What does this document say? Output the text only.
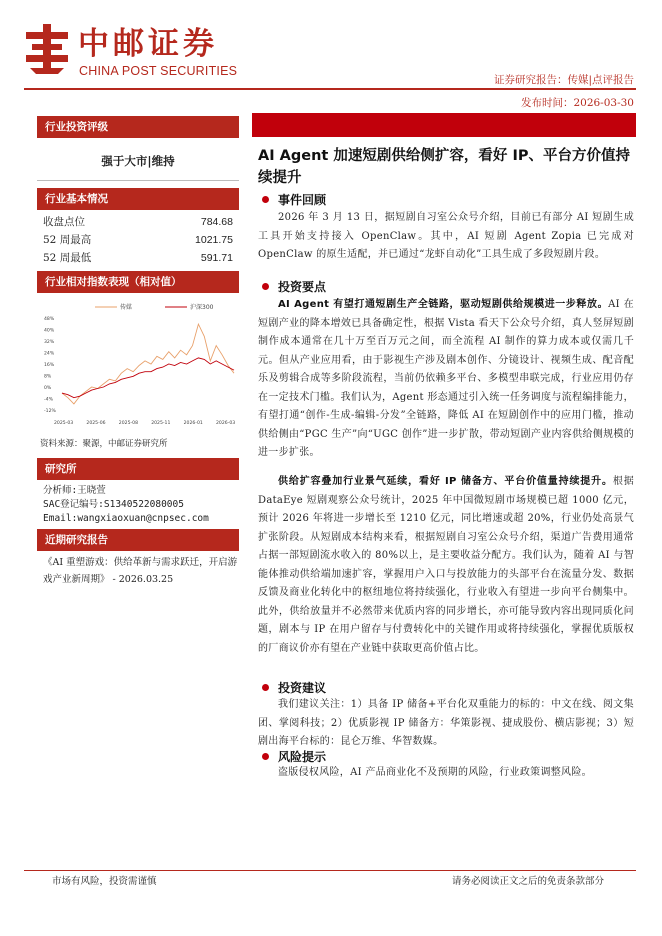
中邮证券
CHINA POST SECURITIES
证券研究报告：传媒|点评报告
发布时间：2026-03-30
行业投资评级
强于大市|维持
行业基本情况
收盘点位	784.68
52 周最高	1021.75
52 周最低	591.71
行业相对指数表现（相对值）
传媒	沪深300
48%
40%
32%
24%
16%
8%
0%
-4%
-12%
2025-03	2025-06	2025-08	2025-11	2026-01	2026-03
资料来源：聚源，中邮证券研究所
研究所
分析师:王晓萱
SAC登记编号:S1340522080005
Email:wangxiaoxuan@cnpsec.com
近期研究报告
《AI 重塑游戏：供给革新与需求跃迁，开启游戏产业新周期》 - 2026.03.25
AI Agent 加速短剧供给侧扩容，看好 IP、平台方价值持续提升
事件回顾
2026 年 3 月 13 日，据短剧自习室公众号介绍，目前已有部分 AI 短剧生成工具开始支持接入 OpenClaw。其中，AI 短剧 Agent Zopia 已完成对 OpenClaw 的原生适配，并已通过“龙虾自动化”工具生成了多段短剧片段。
投资要点
AI Agent 有望打通短剧生产全链路，驱动短剧供给规模进一步释放。AI 在短剧产业的降本增效已具备确定性，根据 Vista 看天下公众号介绍，真人竖屏短剧制作成本通常在几十万至百万元之间，而全流程 AI 制作的算力成本或仅需几千元。但从产业应用看，由于影视生产涉及剧本创作、分镜设计、视频生成、配音配乐及剪辑合成等多阶段流程，当前仍依赖多平台、多模型串联完成，行业应用仍存在一定技术门槛。我们认为，Agent 形态通过引入统一任务调度与流程编排能力，有望打通“创作-生成-编辑-分发”全链路，降低 AI 在短剧创作中的应用门槛，推动供给侧由“PGC 生产”向“UGC 创作”进一步扩散，带动短剧产业内容供给侧规模的进一步扩张。
供给扩容叠加行业景气延续，看好 IP 储备方、平台价值量持续提升。根据 DataEye 短剧观察公众号统计，2025 年中国微短剧市场规模已超 1000 亿元，预计 2026 年将进一步增长至 1210 亿元，同比增速或超 20%，行业仍处高景气扩张阶段。从短剧成本结构来看，根据短剧自习室公众号介绍，渠道广告费用通常占据一部短剧流水收入的 80%以上，是主要收益分配方。我们认为，随着 AI 与智能体推动供给端加速扩容，掌握用户入口与投放能力的头部平台在流量分发、数据反馈及商业化转化中的枢纽地位将持续强化，行业收入有望进一步向平台侧集中。此外，供给放量并不必然带来优质内容的同步增长，亦可能导致内容出现同质化问题，剧本与 IP 在用户留存与付费转化中的关键作用或将持续强化，掌握优质版权的厂商议价亦有望在产业链中获取更高价值占比。
投资建议
我们建议关注：1）具备 IP 储备+平台化双重能力的标的：中文在线、阅文集团、掌阅科技；2）优质影视 IP 储备方：华策影视、捷成股份、横店影视；3）短剧出海平台标的：昆仑万维、华智数媒。
风险提示
盗版侵权风险，AI 产品商业化不及预期的风险，行业政策调整风险。
市场有风险，投资需谨慎	请务必阅读正文之后的免责条款部分
